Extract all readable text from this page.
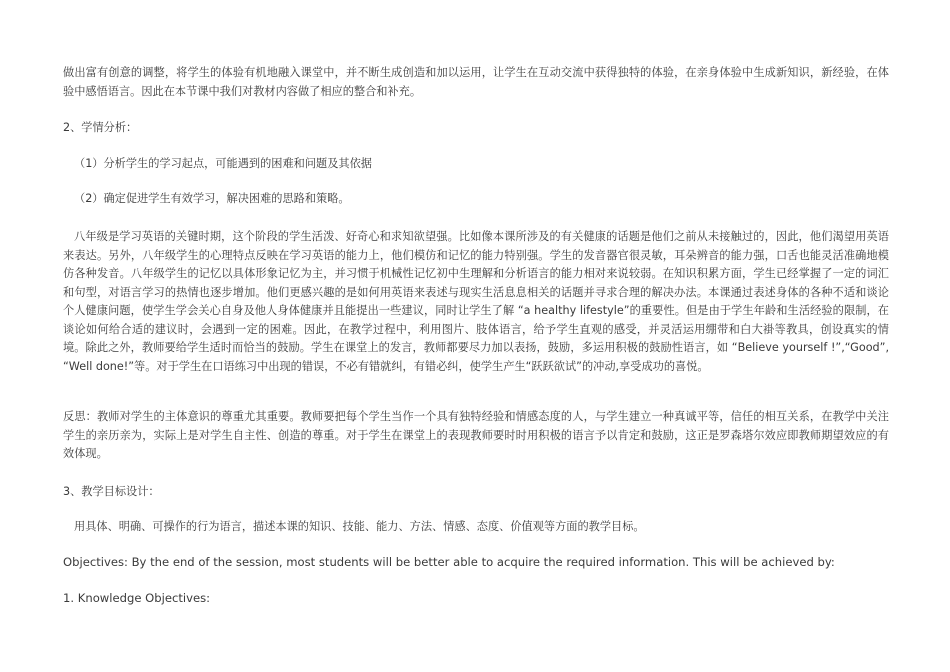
做出富有创意的调整，将学生的体验有机地融入课堂中，并不断生成创造和加以运用，让学生在互动交流中获得独特的体验，在亲身体验中生成新知识，新经验，在体验中感悟语言。因此在本节课中我们对教材内容做了相应的整合和补充。
2、学情分析：
（1）分析学生的学习起点，可能遇到的困难和问题及其依据
（2）确定促进学生有效学习，解决困难的思路和策略。
八年级是学习英语的关键时期，这个阶段的学生活泼、好奇心和求知欲望强。比如像本课所涉及的有关健康的话题是他们之前从未接触过的，因此，他们渴望用英语来表达。另外，八年级学生的心理特点反映在学习英语的能力上，他们模仿和记忆的能力特别强。学生的发音器官很灵敏，耳朵辨音的能力强，口舌也能灵活准确地模仿各种发音。八年级学生的记忆以具体形象记忆为主，并习惯于机械性记忆初中生理解和分析语言的能力相对来说较弱。在知识积累方面，学生已经掌握了一定的词汇和句型，对语言学习的热情也逐步增加。他们更感兴趣的是如何用英语来表述与现实生活息息相关的话题并寻求合理的解决办法。本课通过表述身体的各种不适和谈论个人健康问题，使学生学会关心自身及他人身体健康并且能提出一些建议，同时让学生了解 “a healthy lifestyle”的重要性。但是由于学生年龄和生活经验的限制，在谈论如何给合适的建议时，会遇到一定的困难。因此，在教学过程中，利用图片、肢体语言，给予学生直观的感受，并灵活运用绷带和白大褂等教具，创设真实的情境。除此之外，教师要给学生适时而恰当的鼓励。学生在课堂上的发言，教师都要尽力加以表扬，鼓励，多运用积极的鼓励性语言，如 “Believe yourself !”,“Good”, “Well done!”等。对于学生在口语练习中出现的错误，不必有错就纠，有错必纠，使学生产生“跃跃欲试”的冲动,享受成功的喜悦。
反思：教师对学生的主体意识的尊重尤其重要。教师要把每个学生当作一个具有独特经验和情感态度的人，与学生建立一种真诚平等，信任的相互关系，在教学中关注学生的亲历亲为，实际上是对学生自主性、创造的尊重。对于学生在课堂上的表现教师要时时用积极的语言予以肯定和鼓励，这正是罗森塔尔效应即教师期望效应的有效体现。
3、教学目标设计：
用具体、明确、可操作的行为语言，描述本课的知识、技能、能力、方法、情感、态度、价值观等方面的教学目标。
Objectives: By the end of the session, most students will be better able to acquire the required information. This will be achieved by:
1. Knowledge Objectives:
